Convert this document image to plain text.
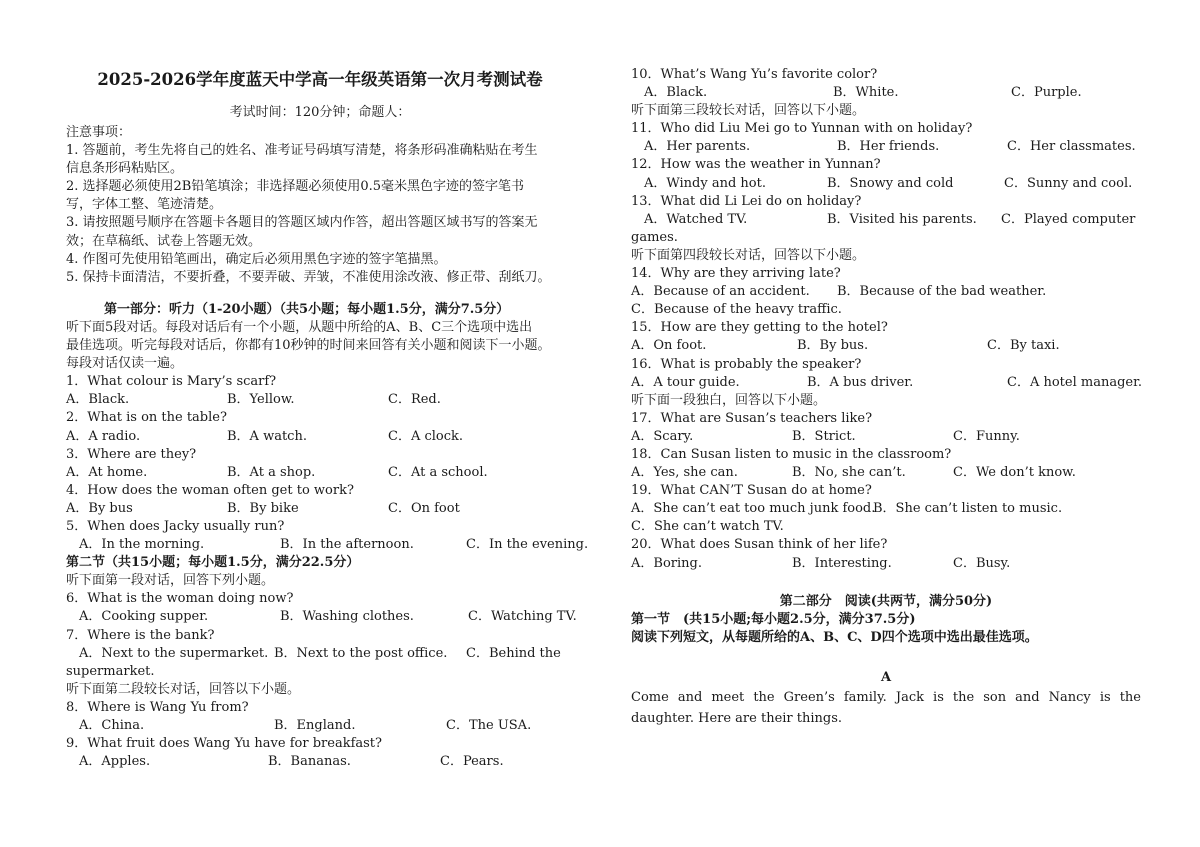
2025-2026学年度蓝天中学高一年级英语第一次月考测试卷
考试时间：120分钟；命题人：
注意事项：
1. 答题前，考生先将自己的姓名、准考证号码填写清楚，将条形码准确粘贴在考生
信息条形码粘贴区。
2. 选择题必须使用2B铅笔填涂；非选择题必须使用0.5毫米黑色字迹的签字笔书
写，字体工整、笔迹清楚。
3. 请按照题号顺序在答题卡各题目的答题区域内作答，超出答题区域书写的答案无
效；在草稿纸、试卷上答题无效。
4. 作图可先使用铅笔画出，确定后必须用黑色字迹的签字笔描黑。
5. 保持卡面清洁，不要折叠，不要弄破、弄皱，不准使用涂改液、修正带、刮纸刀。
第一部分：听力（1-20小题）（共5小题；每小题1.5分，满分7.5分）
听下面5段对话。每段对话后有一个小题，从题中所给的A、B、C三个选项中选出
最佳选项。听完每段对话后，你都有10秒钟的时间来回答有关小题和阅读下一小题。
每段对话仅读一遍。
1．What colour is Mary’s scarf?
A．Black.	B．Yellow.	C．Red.
2．What is on the table?
A．A radio.	B．A watch.	C．A clock.
3．Where are they?
A．At home.	B．At a shop.	C．At a school.
4．How does the woman often get to work?
A．By bus	B．By bike	C．On foot
5．When does Jacky usually run?
A．In the morning.	B．In the afternoon.	C．In the evening.
第二节（共15小题；每小题1.5分，满分22.5分）
听下面第一段对话，回答下列小题。
6．What is the woman doing now?
A．Cooking supper.	B．Washing clothes.	C．Watching TV.
7．Where is the bank?
A．Next to the supermarket. B．Next to the post office. C．Behind the
supermarket.
听下面第二段较长对话，回答以下小题。
8．Where is Wang Yu from?
A．China.	B．England.	C．The USA.
9．What fruit does Wang Yu have for breakfast?
A．Apples.	B．Bananas.	C．Pears.
10．What’s Wang Yu’s favorite color?
A．Black.	B．White.	C．Purple.
听下面第三段较长对话，回答以下小题。
11．Who did Liu Mei go to Yunnan with on holiday?
A．Her parents.	B．Her friends.	C．Her classmates.
12．How was the weather in Yunnan?
A．Windy and hot.	B．Snowy and cold	C．Sunny and cool.
13．What did Li Lei do on holiday?
A．Watched TV.	B．Visited his parents. C．Played computer
games.
听下面第四段较长对话，回答以下小题。
14．Why are they arriving late?
A．Because of an accident. B．Because of the bad weather.
C．Because of the heavy traffic.
15．How are they getting to the hotel?
A．On foot.	B．By bus.	C．By taxi.
16．What is probably the speaker?
A．A tour guide.	B．A bus driver.	C．A hotel manager.
听下面一段独白，回答以下小题。
17．What are Susan’s teachers like?
A．Scary.	B．Strict.	C．Funny.
18．Can Susan listen to music in the classroom?
A．Yes, she can.	B．No, she can’t.	C．We don’t know.
19．What CAN’T Susan do at home?
A．She can’t eat too much junk food.
B．She can’t listen to music.
C．She can’t watch TV.
20．What does Susan think of her life?
A．Boring.	B．Interesting.	C．Busy.
第二部分　阅读(共两节，满分50分)
第一节　(共15小题;每小题2.5分，满分37.5分)
阅读下列短文，从每题所给的A、B、C、D四个选项中选出最佳选项。
A
Come and meet the Green’s family. Jack is the son and Nancy is the daughter. Here are their things.
